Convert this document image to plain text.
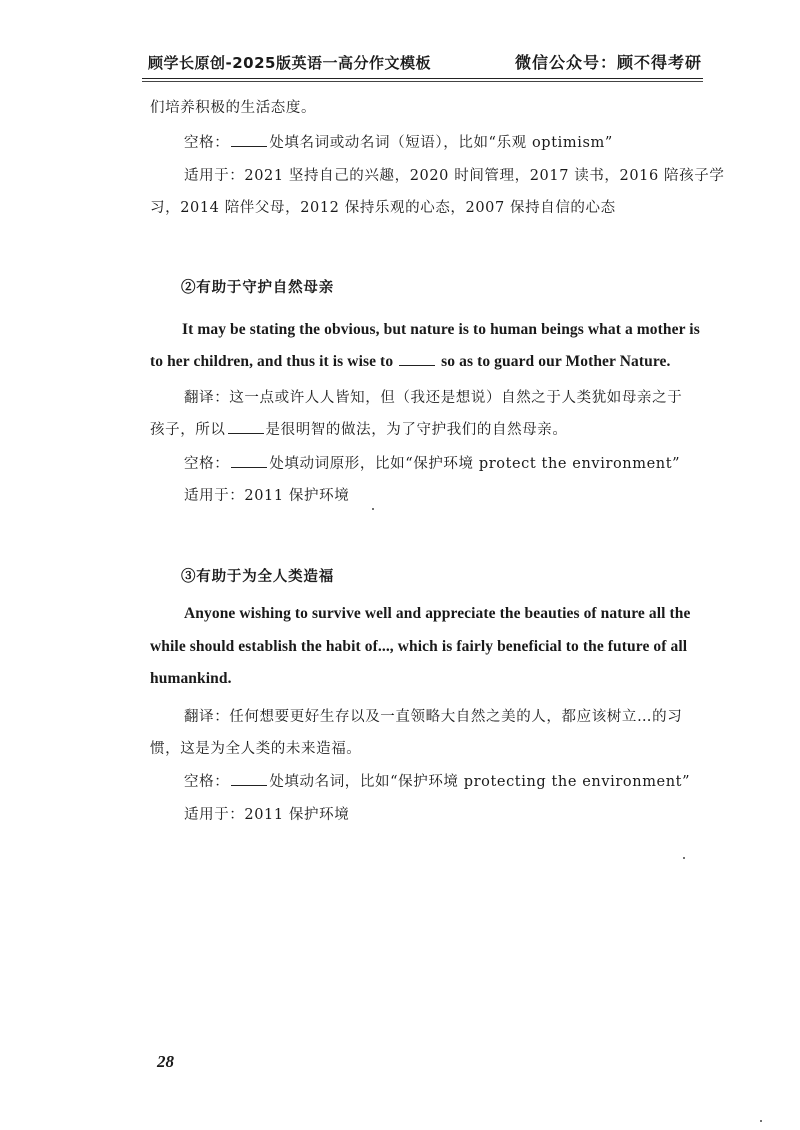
顾学长原创-2025版英语一高分作文模板	微信公众号：顾不得考研
们培养积极的生活态度。
空格：	处填名词或动名词（短语），比如“乐观 optimism”
适用于：2021 坚持自己的兴趣，2020 时间管理，2017 读书，2016 陪孩子学
习，2014 陪伴父母，2012 保持乐观的心态，2007 保持自信的心态
②有助于守护自然母亲
It may be stating the obvious, but nature is to human beings what a mother is
to her children, and thus it is wise to	so as to guard our Mother Nature.
翻译：这一点或许人人皆知，但（我还是想说）自然之于人类犹如母亲之于
孩子，所以	是很明智的做法，为了守护我们的自然母亲。
空格：	处填动词原形，比如“保护环境 protect the environment”
适用于：2011 保护环境
③有助于为全人类造福
Anyone wishing to survive well and appreciate the beauties of nature all the
while should establish the habit of..., which is fairly beneficial to the future of all
humankind.
翻译：任何想要更好生存以及一直领略大自然之美的人，都应该树立…的习
惯，这是为全人类的未来造福。
空格：	处填动名词，比如“保护环境 protecting the environment”
适用于：2011 保护环境
28
